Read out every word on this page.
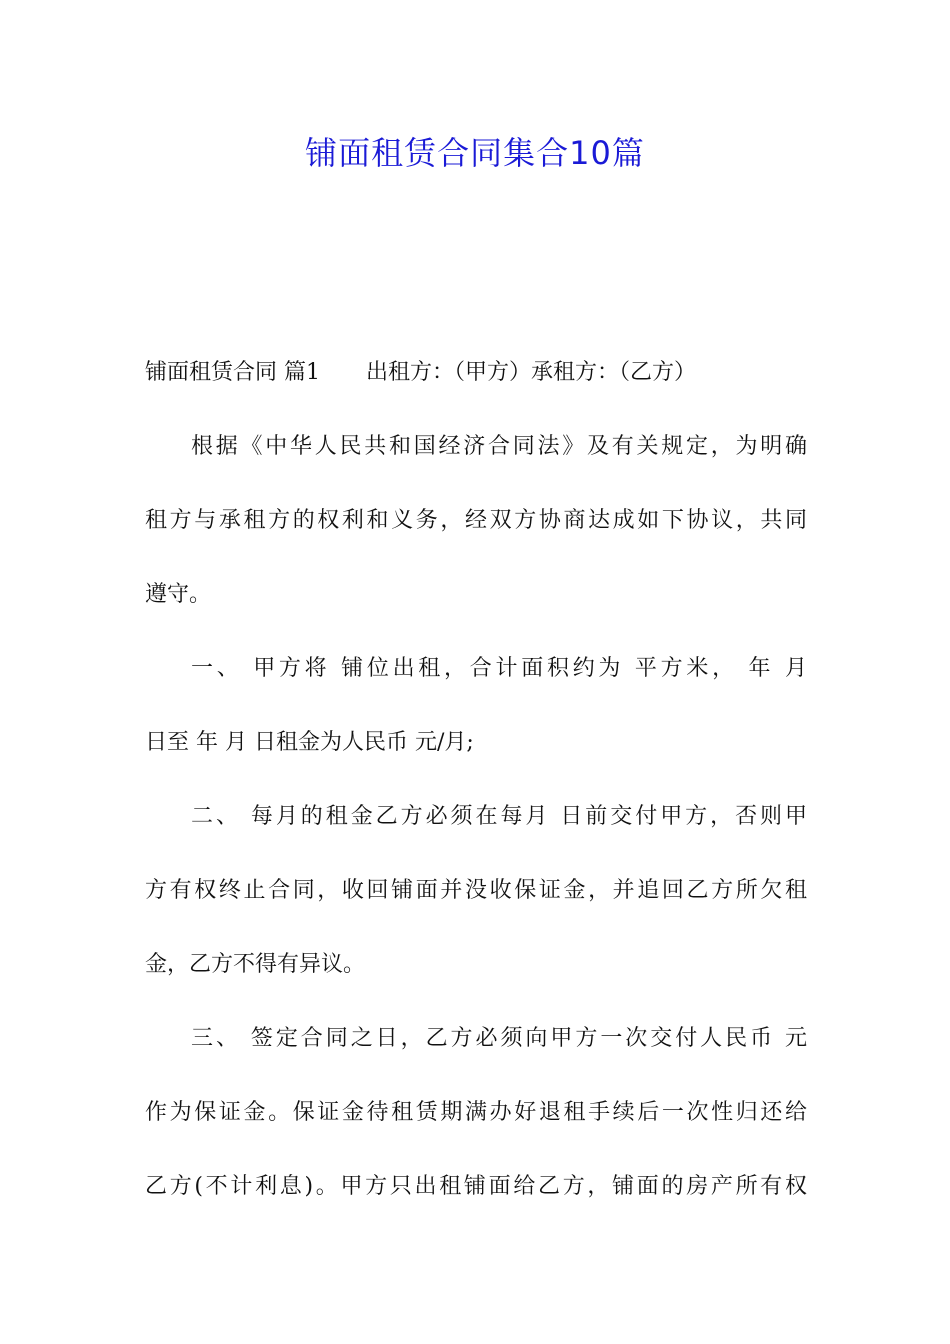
铺面租赁合同集合10篇
铺面租赁合同 篇1 出租方：（甲方）承租方：（乙方）
根据《中华人民共和国经济合同法》及有关规定，为明确
租方与承租方的权利和义务，经双方协商达成如下协议，共同
遵守。
一、 甲方将 铺位出租，合计面积约为 平方米， 年 月
日至 年 月 日租金为人民币 元/月;
二、 每月的租金乙方必须在每月 日前交付甲方，否则甲
方有权终止合同，收回铺面并没收保证金，并追回乙方所欠租
金，乙方不得有异议。
三、 签定合同之日，乙方必须向甲方一次交付人民币 元
作为保证金。保证金待租赁期满办好退租手续后一次性归还给
乙方(不计利息)。甲方只出租铺面给乙方，铺面的房产所有权
